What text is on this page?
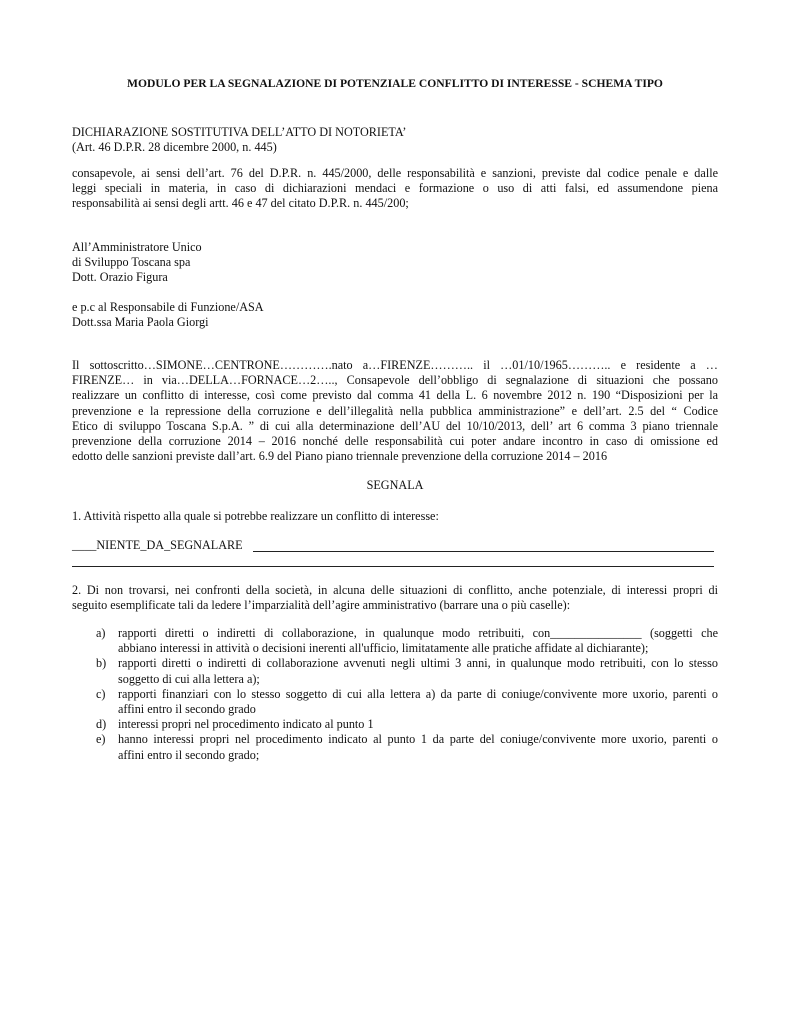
MODULO PER LA SEGNALAZIONE DI POTENZIALE CONFLITTO DI INTERESSE - SCHEMA TIPO
DICHIARAZIONE SOSTITUTIVA DELL’ATTO DI NOTORIETA’
(Art. 46 D.P.R. 28 dicembre 2000, n. 445)
consapevole, ai sensi dell’art. 76 del D.P.R. n. 445/2000, delle responsabilità e sanzioni, previste dal codice penale e dalle
leggi speciali in materia, in caso di dichiarazioni mendaci e formazione o uso di atti falsi, ed assumendone piena
responsabilità ai sensi degli artt. 46 e 47 del citato D.P.R. n. 445/200;
All’Amministratore Unico
di Sviluppo Toscana spa
Dott. Orazio Figura
e p.c al Responsabile di Funzione/ASA
Dott.ssa Maria Paola Giorgi
Il sottoscritto…SIMONE…CENTRONE………….nato a…FIRENZE……….. il …01/10/1965……….. e residente a …
FIRENZE… in via…DELLA…FORNACE…2….., Consapevole dell’obbligo di segnalazione di situazioni che possano
realizzare un conflitto di interesse, così come previsto dal comma 41 della L. 6 novembre 2012 n. 190 “Disposizioni per la
prevenzione e la repressione della corruzione e dell’illegalità nella pubblica amministrazione” e dell’art. 2.5 del “ Codice
Etico di sviluppo Toscana S.p.A. ” di cui alla determinazione dell’AU del 10/10/2013, dell’ art 6 comma 3 piano triennale
prevenzione della corruzione 2014 – 2016 nonché delle responsabilità cui poter andare incontro in caso di omissione ed
edotto delle sanzioni previste dall’art. 6.9 del Piano piano triennale prevenzione della corruzione 2014 – 2016
SEGNALA
1. Attività rispetto alla quale si potrebbe realizzare un conflitto di interesse:
____NIENTE_DA_SEGNALARE
2. Di non trovarsi, nei confronti della società, in alcuna delle situazioni di conflitto, anche potenziale, di interessi propri di
seguito esemplificate tali da ledere l’imparzialità dell’agire amministrativo (barrare una o più caselle):
a) rapporti diretti o indiretti di collaborazione, in qualunque modo retribuiti, con_______________ (soggetti che
abbiano interessi in attività o decisioni inerenti all'ufficio, limitatamente alle pratiche affidate al dichiarante);
b) rapporti diretti o indiretti di collaborazione avvenuti negli ultimi 3 anni, in qualunque modo retribuiti, con lo stesso
soggetto di cui alla lettera a);
c) rapporti finanziari con lo stesso soggetto di cui alla lettera a) da parte di coniuge/convivente more uxorio, parenti o
affini entro il secondo grado
d) interessi propri nel procedimento indicato al punto 1
e) hanno interessi propri nel procedimento indicato al punto 1 da parte del coniuge/convivente more uxorio, parenti o
affini entro il secondo grado;
